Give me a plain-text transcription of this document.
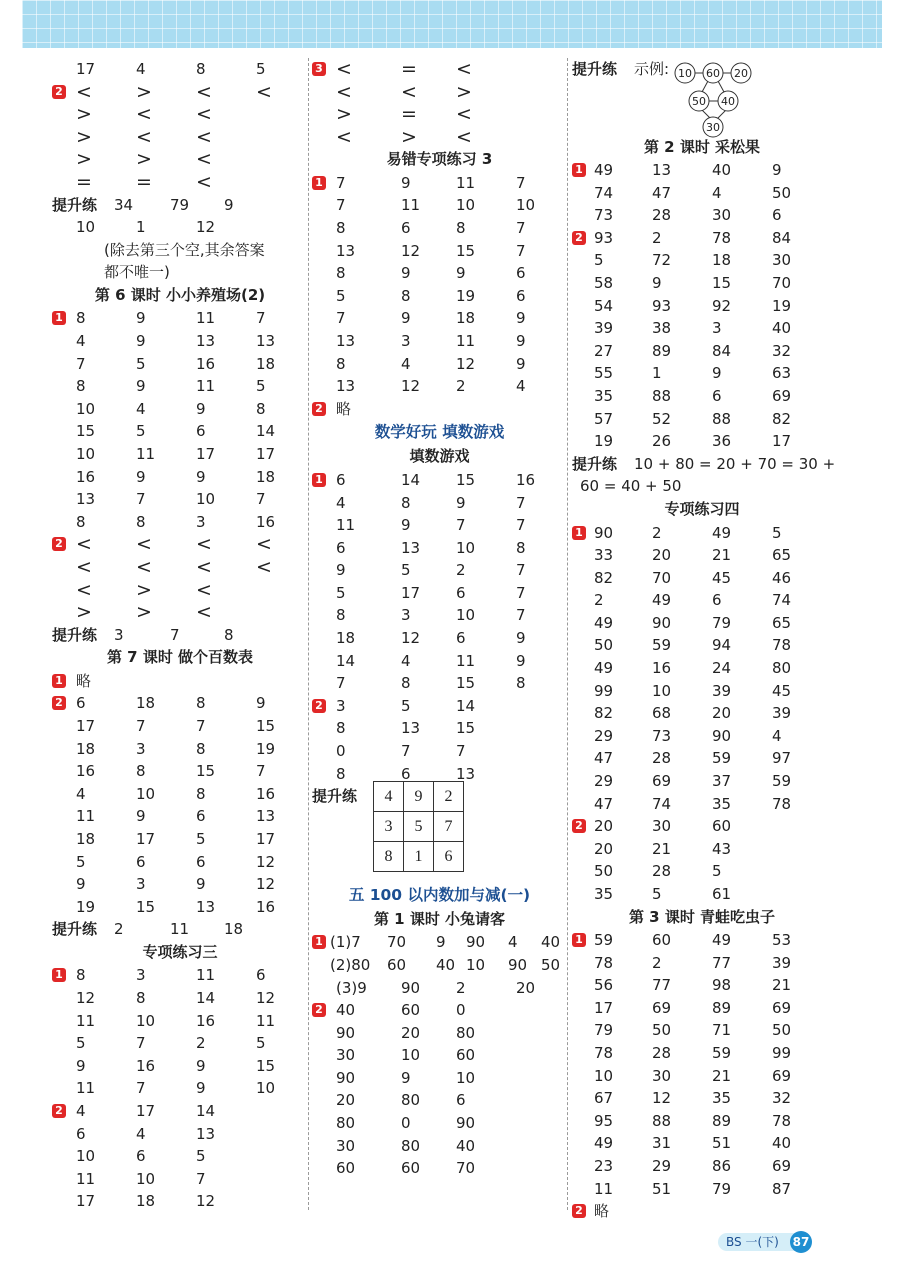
17	4	8	5
2 < > < <
> < <
> < <
> > <
= = <
提升练 34 79 9
10	1	12
(除去第三个空,其余答案
都不唯一)
第 6 课时 小小养殖场(2)
1 8	9	11	7
4	9	13	13
7	5	16	18
8	9	11	5
10	4	9	8
15	5	6	14
10	11	17	17
16	9	9	18
13	7	10	7
8	8	3	16
2 < < < <
< < < <
< > <
> > <
提升练 3	7	8
第 7 课时 做个百数表
1 略
2 6	18	8	9
17	7	7	15
18	3	8	19
16	8	15	7
4	10	8	16
11	9	6	13
18	17	5	17
5	6	6	12
9	3	9	12
19	15	13	16
提升练 2	11 18
专项练习三
1 8	3	11	6
12	8	14	12
11	10	16	11
5	7	2	5
9	16	9	15
11	7	9	10
2 4	17	14
6	4	13
10	6	5
11	10	7
17	18	12
3 <	= <
<	< >
>	= <
<	> <
易错专项练习 3
1 7	9	11	7
7	11 10	10
8	6	8	7
13	12 15	7
8	9	9	6
5	8	19	6
7	9	18	9
13	3	11	9
8	4	12	9
13	12 2	4
2 略
数学好玩 填数游戏
填数游戏
1 6	14 15	16
4	8	9	7
11	9	7	7
6	13 10	8
9	5	2	7
5	17 6	7
8	3	10	7
18	12 6	9
14	4	11	9
7	8	15	8
2 3	5	14
8	13 15
0	7	7
8	6	13
提升练
五 100 以内数加与减(一)
第 1 课时 小兔请客
1 (1)7 70 9 90 4 40
(2)80 60 40 10 90 50
(3)9 90 2	20
2 40	60 0
90	20 80
30	10 60
90	9	10
20	80 6
80	0	90
30	80 40
60	60 70
提升练 示例:
第 2 课时 采松果
1 49	13	40	9
74	47	4	50
73	28	30	6
2 93	2	78	84
5	72	18	30
58	9	15	70
54	93	92	19
39	38	3	40
27	89	84	32
55	1	9	63
35	88	6	69
57	52	88	82
19	26	36	17
提升练 10 + 80 = 20 + 70 = 30 +
60 = 40 + 50
专项练习四
1 90	2	49	5
33	20	21	65
82	70	45	46
2	49	6	74
49	90	79	65
50	59	94	78
49	16	24	80
99	10	39	45
82	68	20	39
29	73	90	4
47	28	59	97
29	69	37	59
47	74	35	78
2 20	30	60
20	21	43
50	28	5
35	5	61
第 3 课时 青蛙吃虫子
1 59	60	49	53
78	2	77	39
56	77	98	21
17	69	89	69
79	50	71	50
78	28	59	99
10	30	21	69
67	12	35	32
95	88	89	78
49	31	51	40
23	29	86	69
11	51	79	87
2 略
4	9	2
3	5	7
8	1	6
10 60 20
50 40
30
BS 一(下)	87
